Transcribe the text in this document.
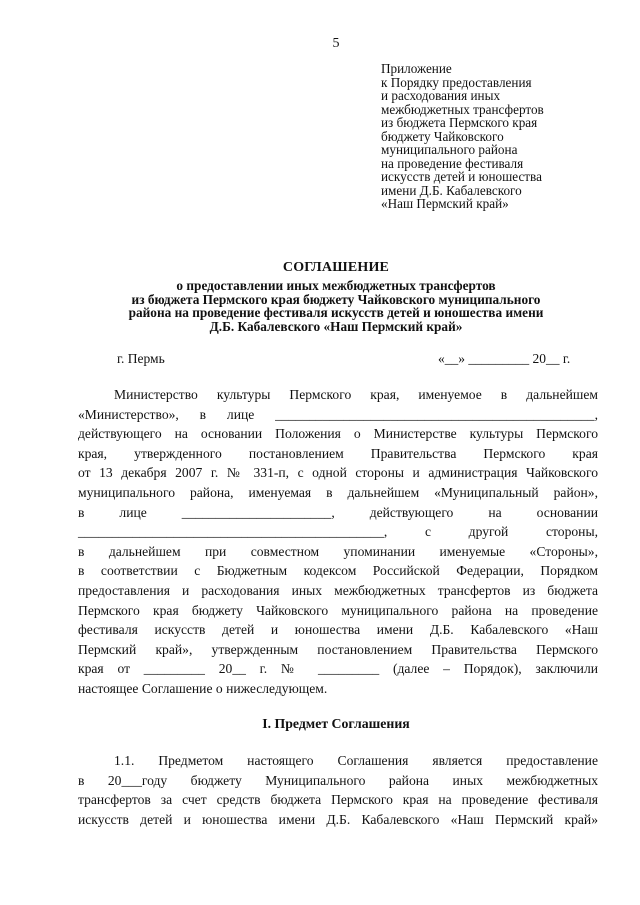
5
Приложение
к Порядку предоставления
и расходования иных
межбюджетных трансфертов
из бюджета Пермского края
бюджету Чайковского
муниципального района
на проведение фестиваля
искусств детей и юношества
имени Д.Б. Кабалевского
«Наш Пермский край»
СОГЛАШЕНИЕ
о предоставлении иных межбюджетных трансфертов
из бюджета Пермского края бюджету Чайковского муниципального
района на проведение фестиваля искусств детей и юношества имени
Д.Б. Кабалевского «Наш Пермский край»
г. Пермь	«__» _________ 20__ г.
Министерство культуры Пермского края, именуемое в дальнейшем
«Министерство», в лице _______________________________________________,
действующего на основании Положения о Министерстве культуры Пермского
края, утвержденного постановлением Правительства Пермского края
от 13 декабря 2007 г. № 331-п, с одной стороны и администрация Чайковского
муниципального района, именуемая в дальнейшем «Муниципальный район»,
в лице ______________________, действующего на основании
_____________________________________________, с другой стороны,
в дальнейшем при совместном упоминании именуемые «Стороны»,
в соответствии с Бюджетным кодексом Российской Федерации, Порядком
предоставления и расходования иных межбюджетных трансфертов из бюджета
Пермского края бюджету Чайковского муниципального района на проведение
фестиваля искусств детей и юношества имени Д.Б. Кабалевского «Наш
Пермский край», утвержденным постановлением Правительства Пермского
края от _________ 20__ г. № _________ (далее – Порядок), заключили
настоящее Соглашение о нижеследующем.
I. Предмет Соглашения
1.1. Предметом настоящего Соглашения является предоставление
в 20___году бюджету Муниципального района иных межбюджетных
трансфертов за счет средств бюджета Пермского края на проведение фестиваля
искусств детей и юношества имени Д.Б. Кабалевского «Наш Пермский край»
